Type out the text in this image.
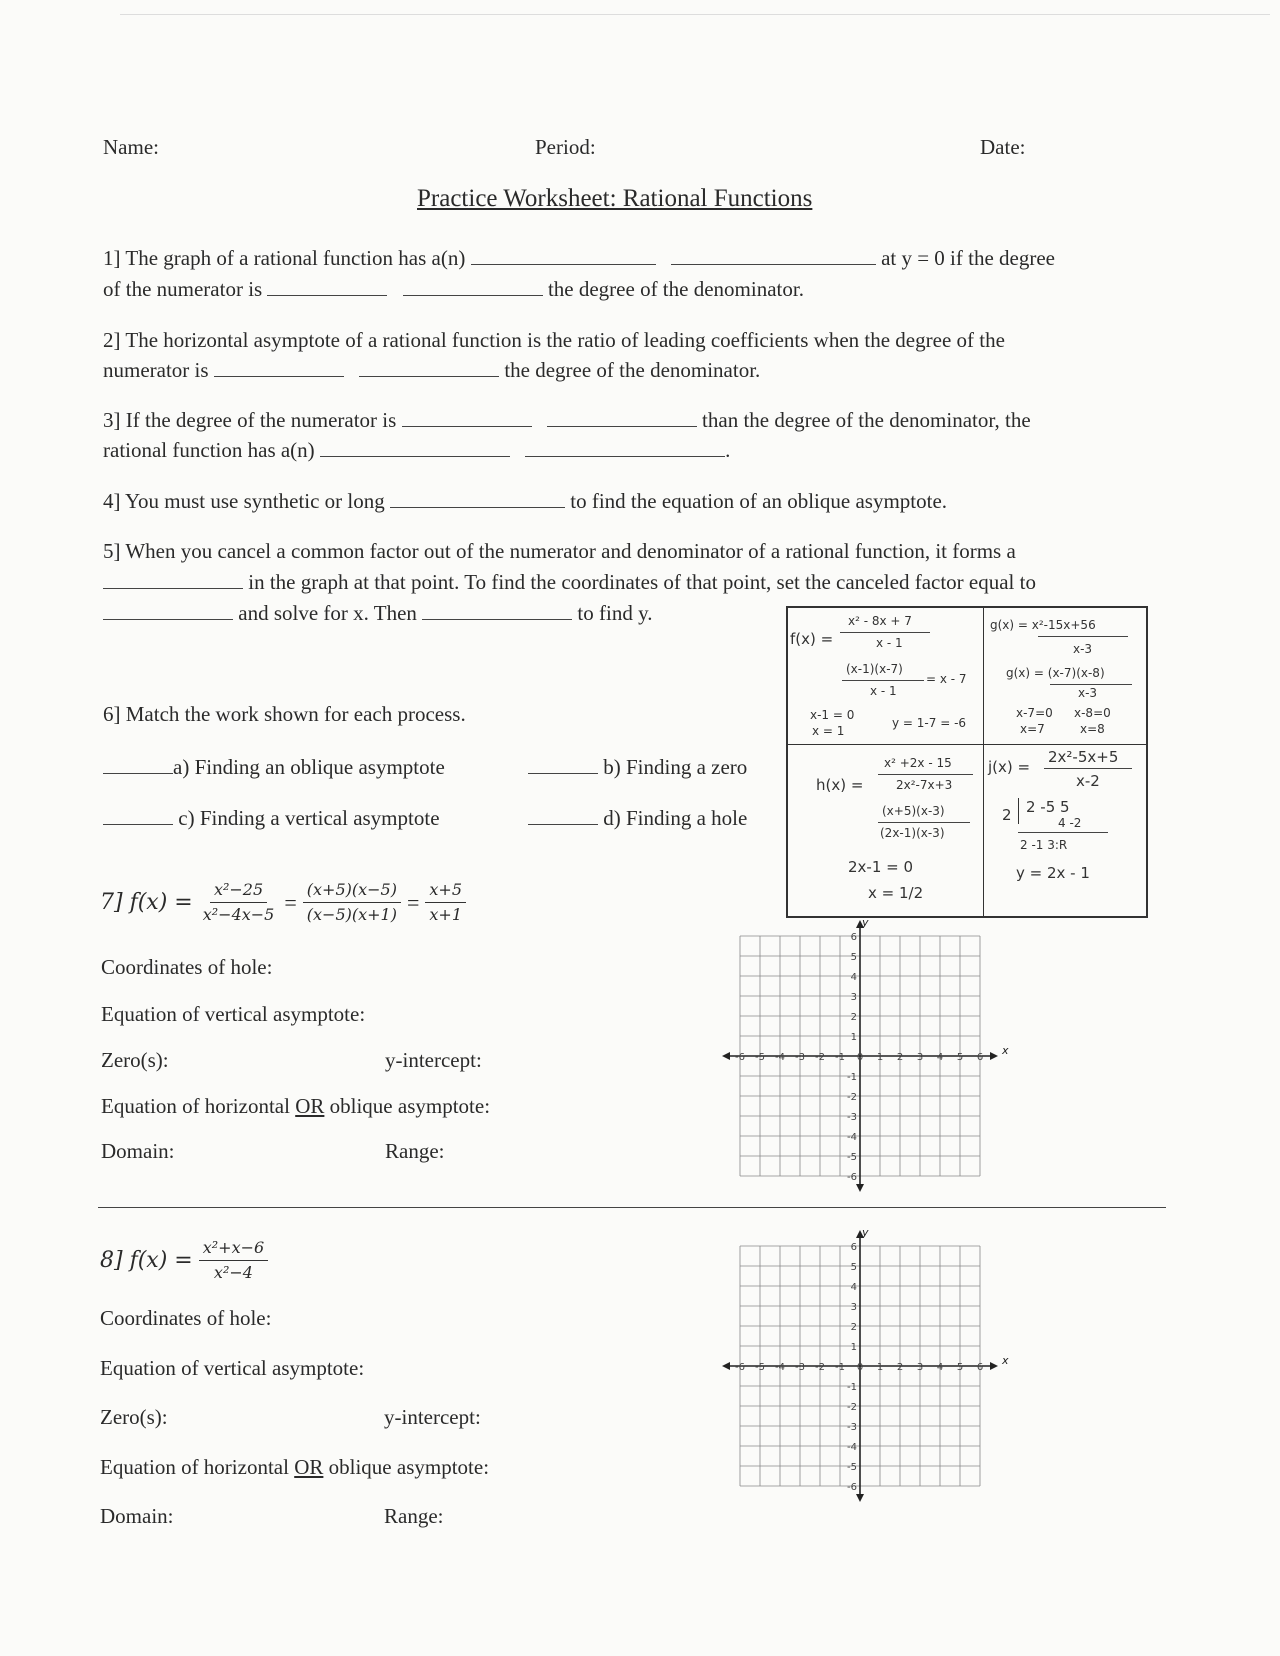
Name:	Period:	Date:
Practice Worksheet: Rational Functions
1] The graph of a rational function has a(n)	at y = 0 if the degree
of the numerator is	the degree of the denominator.
2] The horizontal asymptote of a rational function is the ratio of leading coefficients when the degree of the
numerator is	the degree of the denominator.
3] If the degree of the numerator is	than the degree of the denominator, the
rational function has a(n)	.
4] You must use synthetic or long	to find the equation of an oblique asymptote.
5] When you cancel a common factor out of the numerator and denominator of a rational function, it forms a
in the graph at that point. To find the coordinates of that point, set the canceled factor equal to
and solve for x. Then	to find y.
6] Match the work shown for each process.
a) Finding an oblique asymptote	b) Finding a zero
c) Finding a vertical asymptote	d) Finding a hole
f(x) =
x² - 8x + 7
x - 1
(x-1)(x-7)
x - 1
= x - 7
x-1 = 0
x = 1
y = 1-7 = -6
g(x) = x²-15x+56
x-3
g(x) = (x-7)(x-8)
x-3
x-7=0 x-8=0
x=7	x=8
h(x) =
x² +2x - 15
2x²-7x+3
(x+5)(x-3)
(2x-1)(x-3)
2x-1 = 0
x = 1/2
j(x) =
2x²-5x+5
x-2
2 2 -5 5
4 -2
2 -1 3:R
y = 2x - 1
7] $f(x) = \frac{\text{x²−25}}{\text{x²−4x−5}} = \frac{(x+5)(x-5)}{(x-5)(x+1)} = \frac{x+5}{x+1}$
Coordinates of hole:
Equation of vertical asymptote:
Zero(s):	y-intercept:
Equation of horizontal OR oblique asymptote:
Domain:	Range:
8] $f(x) = \frac{\text{x²+x−6}}{\text{x²−4}}$
Coordinates of hole:
Equation of vertical asymptote:
Zero(s):	y-intercept:
Equation of horizontal OR oblique asymptote:
Domain:	Range:
-6 -5 -4 -3 -2 -1 0 1 2 3 4 5 6
6
5
4
3
2
1
-1
-2
-3
-4
-5
-6
x
y
-6 -5 -4 -3 -2 -1 0 1 2 3 4 5 6
6
5
4
3
2
1
-1
-2
-3
-4
-5
-6
x
y
